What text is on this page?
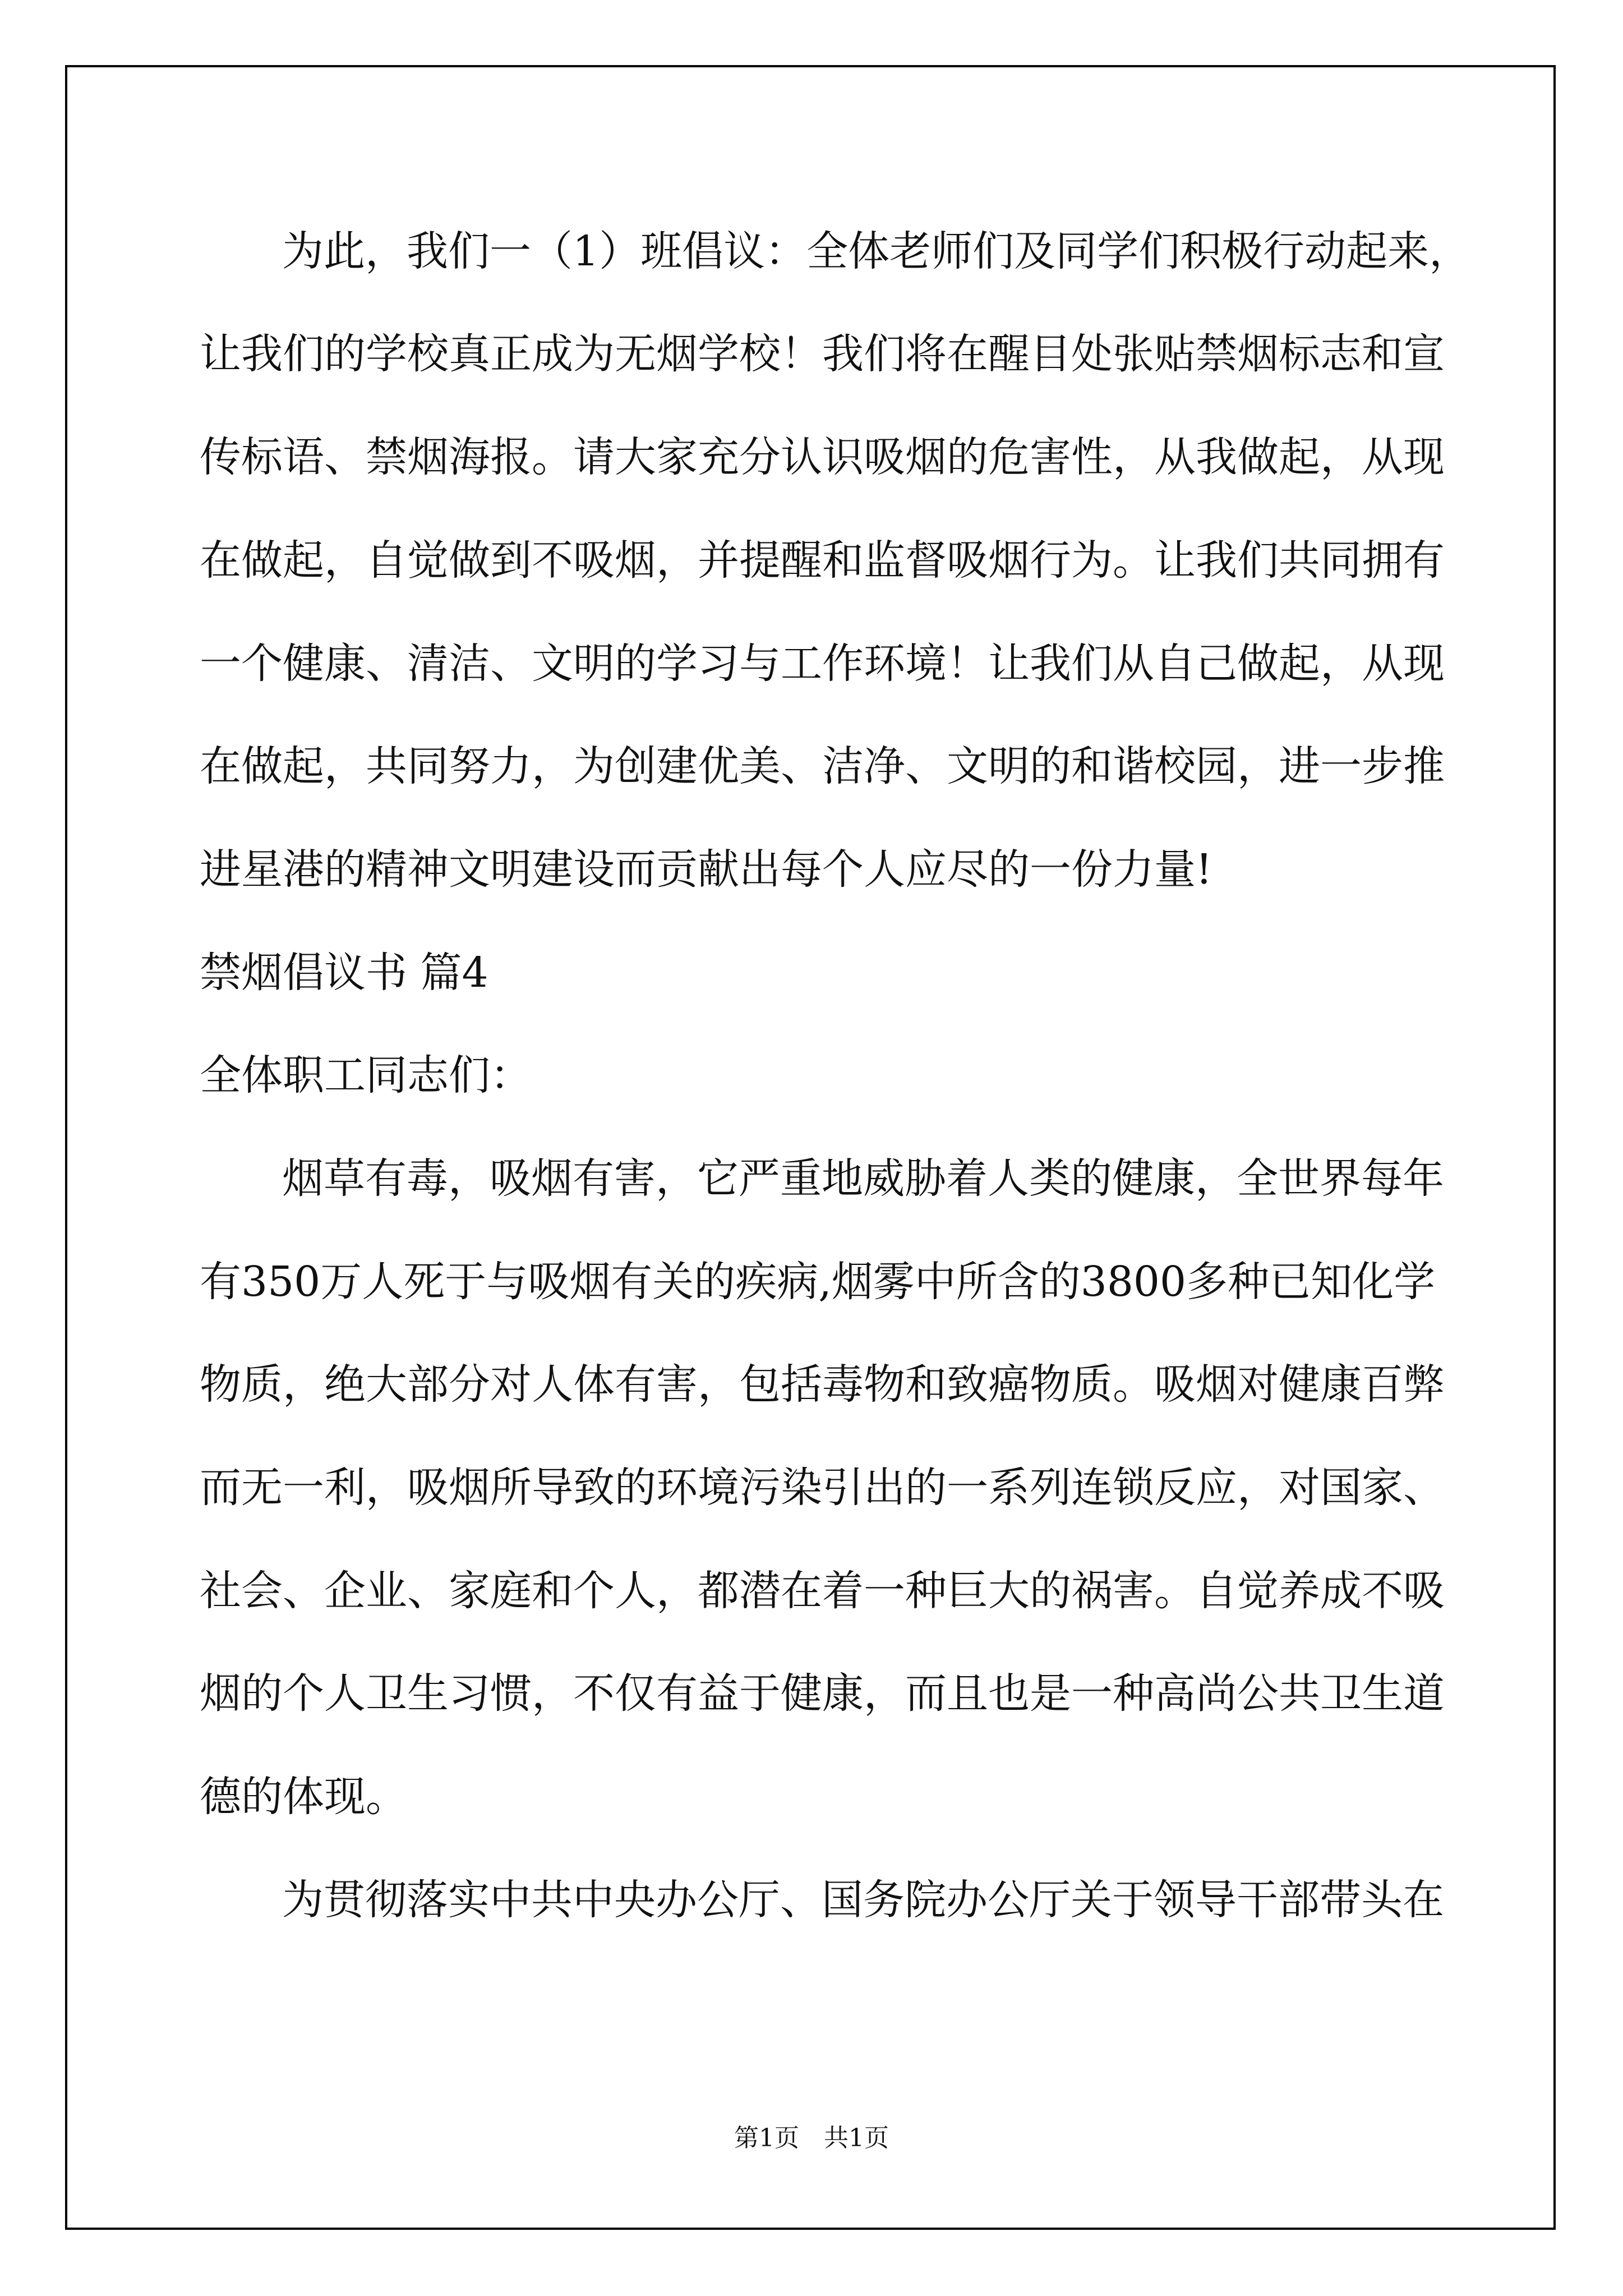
为此，我们一（1）班倡议：全体老师们及同学们积极行动起来，

让我们的学校真正成为无烟学校！我们将在醒目处张贴禁烟标志和宣

传标语、禁烟海报。请大家充分认识吸烟的危害性，从我做起，从现

在做起，自觉做到不吸烟，并提醒和监督吸烟行为。让我们共同拥有

一个健康、清洁、文明的学习与工作环境！让我们从自己做起，从现

在做起，共同努力，为创建优美、洁净、文明的和谐校园，进一步推

进星港的精神文明建设而贡献出每个人应尽的一份力量!

禁烟倡议书 篇4

全体职工同志们：

烟草有毒，吸烟有害，它严重地威胁着人类的健康，全世界每年

有350万人死于与吸烟有关的疾病,烟雾中所含的3800多种已知化学

物质，绝大部分对人体有害，包括毒物和致癌物质。吸烟对健康百弊

而无一利，吸烟所导致的环境污染引出的一系列连锁反应，对国家、

社会、企业、家庭和个人，都潜在着一种巨大的祸害。自觉养成不吸

烟的个人卫生习惯，不仅有益于健康，而且也是一种高尚公共卫生道

德的体现。

为贯彻落实中共中央办公厅、国务院办公厅关于领导干部带头在

第1页 共1页
